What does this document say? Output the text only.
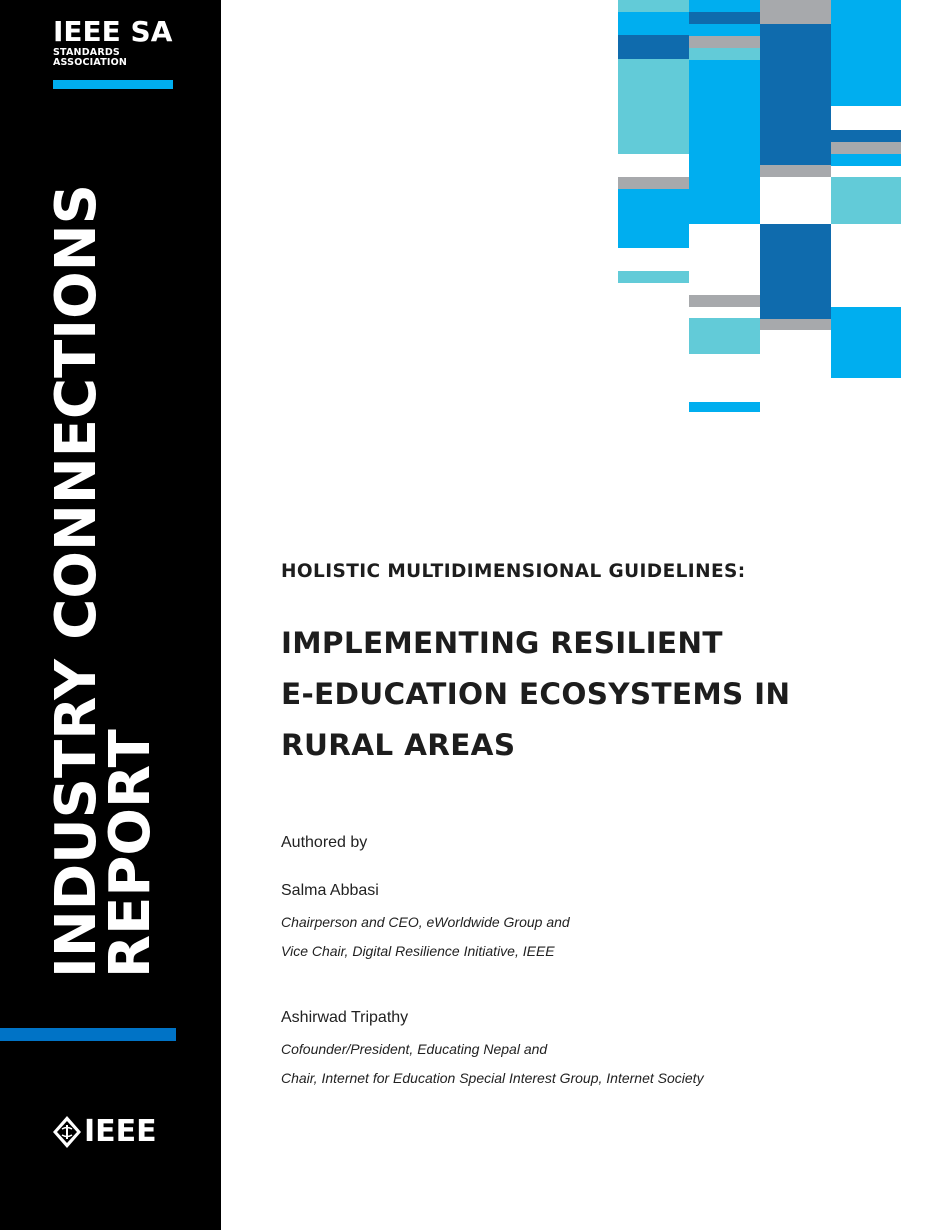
IEEE SA
STANDARDS
ASSOCIATION
INDUSTRY CONNECTIONS
REPORT
IEEE
HOLISTIC MULTIDIMENSIONAL GUIDELINES:
IMPLEMENTING RESILIENT
E-EDUCATION ECOSYSTEMS IN
RURAL AREAS
Authored by
Salma Abbasi
Chairperson and CEO, eWorldwide Group and
Vice Chair, Digital Resilience Initiative, IEEE
Ashirwad Tripathy
Cofounder/President, Educating Nepal and
Chair, Internet for Education Special Interest Group, Internet Society
